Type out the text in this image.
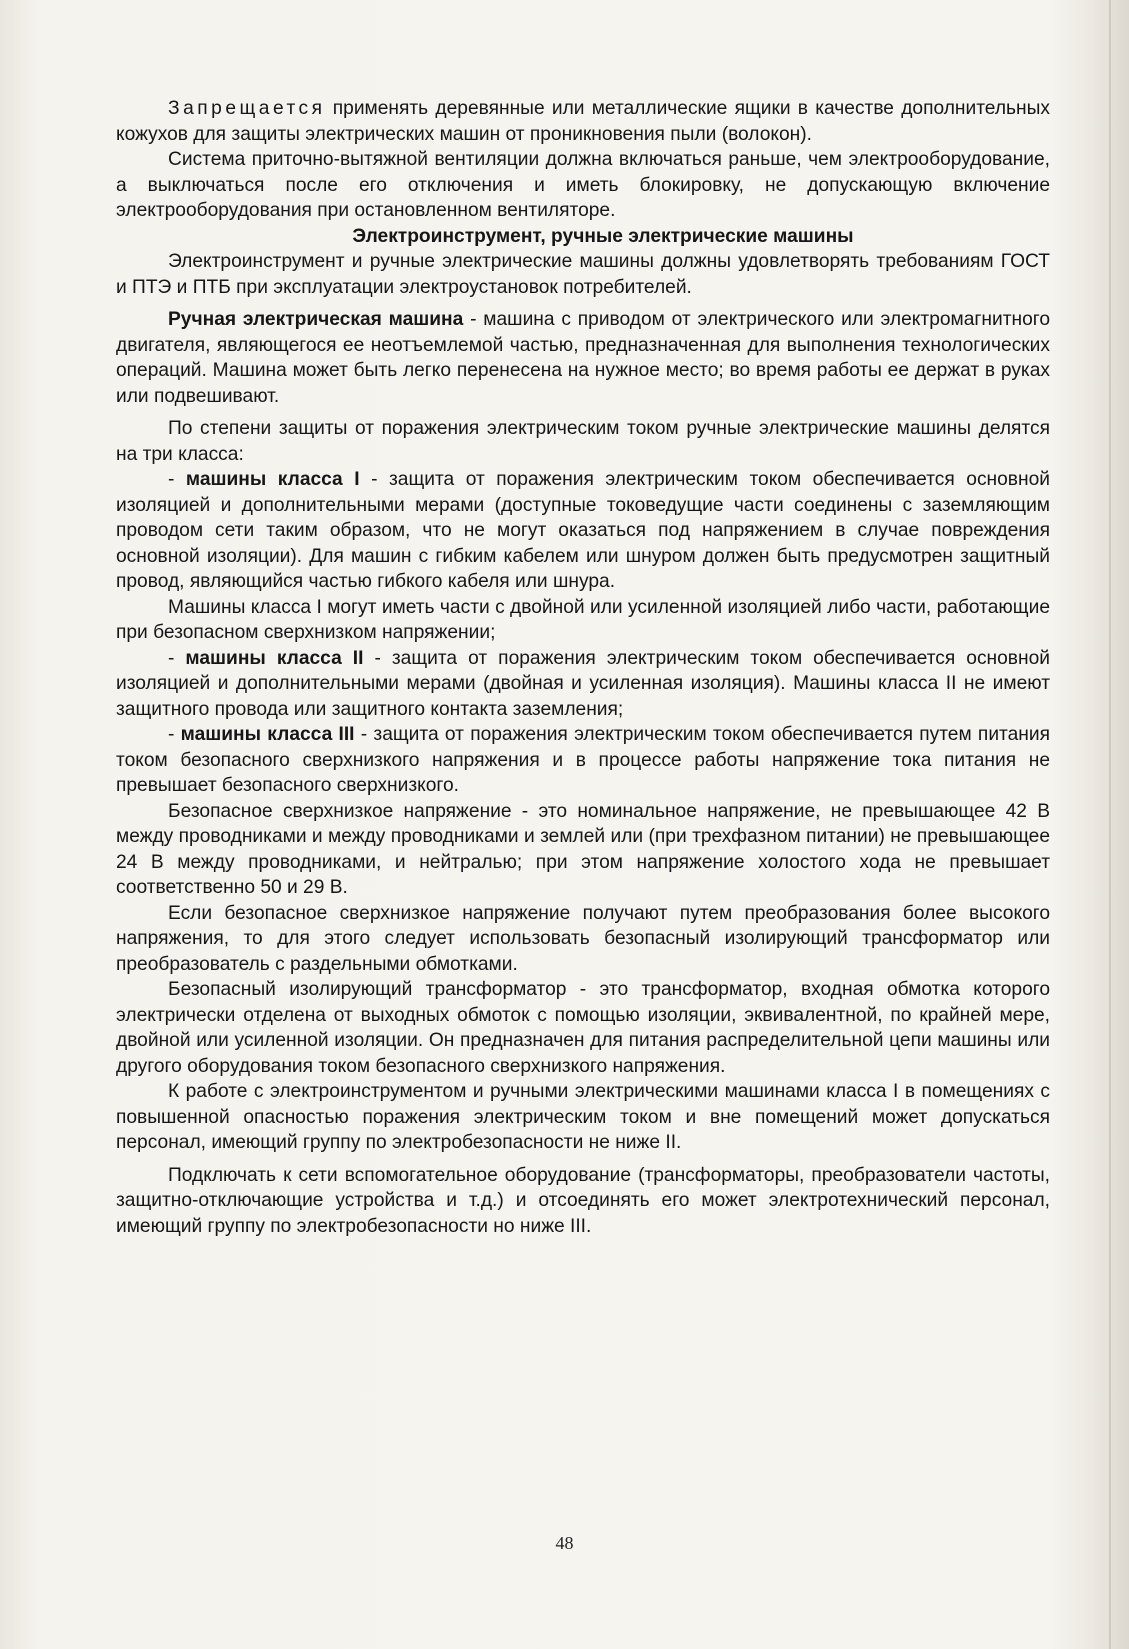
Запрещается применять деревянные или металлические ящики в качестве дополнительных кожухов для защиты электрических машин от проникновения пыли (волокон).

Система приточно-вытяжной вентиляции должна включаться раньше, чем электрооборудование, а выключаться после его отключения и иметь блокировку, не допускающую включение электрооборудования при остановленном вентиляторе.

Электроинструмент, ручные электрические машины

Электроинструмент и ручные электрические машины должны удовлетворять требованиям ГОСТ и ПТЭ и ПТБ при эксплуатации электроустановок потребителей.

Ручная электрическая машина - машина с приводом от электрического или электромагнитного двигателя, являющегося ее неотъемлемой частью, предназначенная для выполнения технологических операций. Машина может быть легко перенесена на нужное место; во время работы ее держат в руках или подвешивают.

По степени защиты от поражения электрическим током ручные электрические машины делятся на три класса:

- машины класса I - защита от поражения электрическим током обеспечивается основной изоляцией и дополнительными мерами (доступные токоведущие части соединены с заземляющим проводом сети таким образом, что не могут оказаться под напряжением в случае повреждения основной изоляции). Для машин с гибким кабелем или шнуром должен быть предусмотрен защитный провод, являющийся частью гибкого кабеля или шнура.

Машины класса I могут иметь части с двойной или усиленной изоляцией либо части, работающие при безопасном сверхнизком напряжении;

- машины класса II - защита от поражения электрическим током обеспечивается основной изоляцией и дополнительными мерами (двойная и усиленная изоляция). Машины класса II не имеют защитного провода или защитного контакта заземления;

- машины класса III - защита от поражения электрическим током обеспечивается путем питания током безопасного сверхнизкого напряжения и в процессе работы напряжение тока питания не превышает безопасного сверхнизкого.

Безопасное сверхнизкое напряжение - это номинальное напряжение, не превышающее 42 В между проводниками и между проводниками и землей или (при трехфазном питании) не превышающее 24 В между проводниками, и нейтралью; при этом напряжение холостого хода не превышает соответственно 50 и 29 В.

Если безопасное сверхнизкое напряжение получают путем преобразования более высокого напряжения, то для этого следует использовать безопасный изолирующий трансформатор или преобразователь с раздельными обмотками.

Безопасный изолирующий трансформатор - это трансформатор, входная обмотка которого электрически отделена от выходных обмоток с помощью изоляции, эквивалентной, по крайней мере, двойной или усиленной изоляции. Он предназначен для питания распределительной цепи машины или другого оборудования током безопасного сверхнизкого напряжения.

К работе с электроинструментом и ручными электрическими машинами класса I в помещениях с повышенной опасностью поражения электрическим током и вне помещений может допускаться персонал, имеющий группу по электробезопасности не ниже II.

Подключать к сети вспомогательное оборудование (трансформаторы, преобразователи частоты, защитно-отключающие устройства и т.д.) и отсоединять его может электротехнический персонал, имеющий группу по электробезопасности но ниже III.

48
